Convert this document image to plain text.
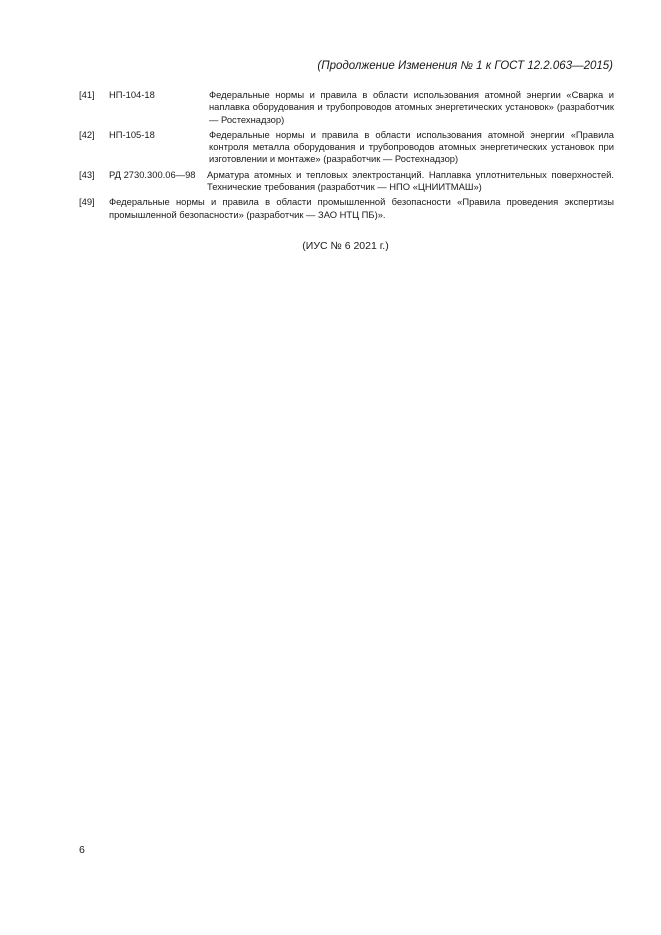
(Продолжение Изменения № 1 к ГОСТ 12.2.063—2015)
[41]	НП-104-18	Федеральные нормы и правила в области использования атомной энергии «Сварка и наплавка оборудования и трубопроводов атомных энергетических установок» (разработчик — Ростехнадзор)
[42]	НП-105-18	Федеральные нормы и правила в области использования атомной энергии «Правила контроля металла оборудования и трубопроводов атомных энергетических установок при изготовлении и монтаже» (разработчик — Ростехнадзор)
[43]	РД 2730.300.06—98	Арматура атомных и тепловых электростанций. Наплавка уплотнительных поверхностей. Технические требования (разработчик — НПО «ЦНИИТМАШ»)
[49]	Федеральные нормы и правила в области промышленной безопасности «Правила проведения экспертизы промышленной безопасности» (разработчик — ЗАО НТЦ ПБ)».
(ИУС № 6 2021 г.)
6
